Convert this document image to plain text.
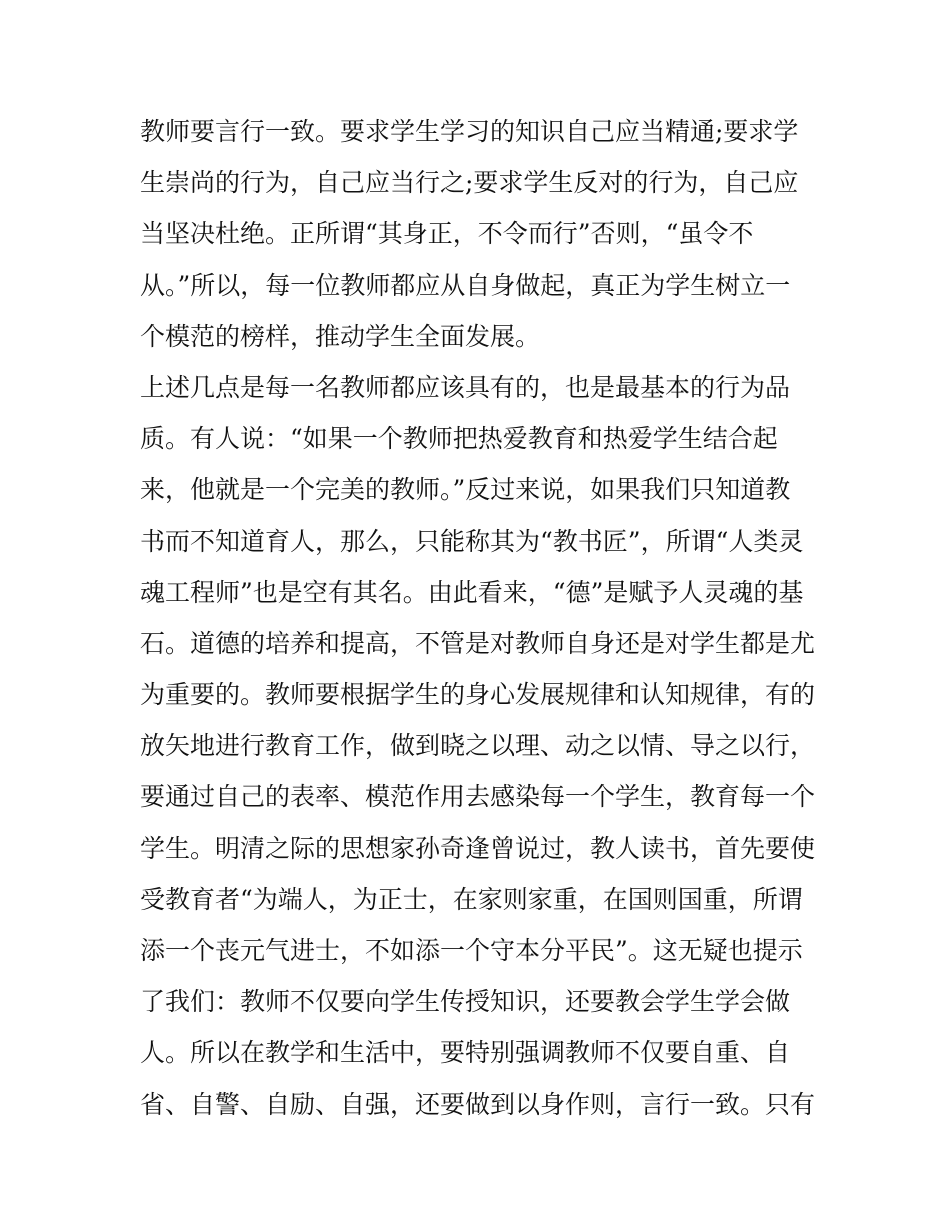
教师要言行一致。要求学生学习的知识自己应当精通;要求学
生崇尚的行为，自己应当行之;要求学生反对的行为，自己应
当坚决杜绝。正所谓“其身正，不令而行”否则，“虽令不
从。”所以，每一位教师都应从自身做起，真正为学生树立一
个模范的榜样，推动学生全面发展。
上述几点是每一名教师都应该具有的，也是最基本的行为品
质。有人说：“如果一个教师把热爱教育和热爱学生结合起
来，他就是一个完美的教师。”反过来说，如果我们只知道教
书而不知道育人，那么，只能称其为“教书匠”，所谓“人类灵
魂工程师”也是空有其名。由此看来，“德”是赋予人灵魂的基
石。道德的培养和提高，不管是对教师自身还是对学生都是尤
为重要的。教师要根据学生的身心发展规律和认知规律，有的
放矢地进行教育工作，做到晓之以理、动之以情、导之以行，
要通过自己的表率、模范作用去感染每一个学生，教育每一个
学生。明清之际的思想家孙奇逢曾说过，教人读书，首先要使
受教育者“为端人，为正士，在家则家重，在国则国重，所谓
添一个丧元气进士，不如添一个守本分平民”。这无疑也提示
了我们：教师不仅要向学生传授知识，还要教会学生学会做
人。所以在教学和生活中，要特别强调教师不仅要自重、自
省、自警、自励、自强，还要做到以身作则，言行一致。只有
